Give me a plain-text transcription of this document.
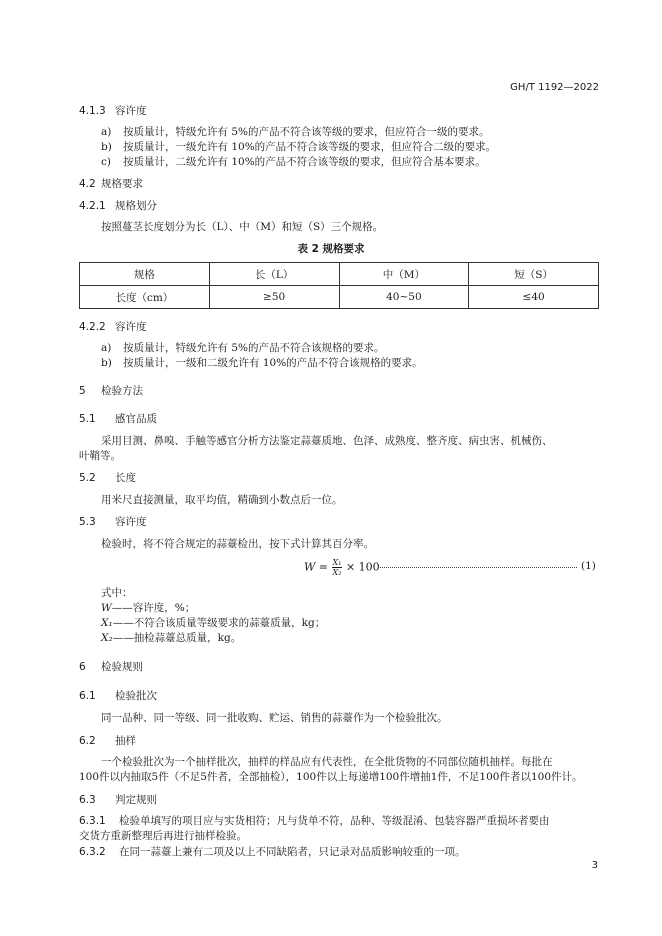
GH/T 1192—2022
4.1.3 容许度
a) 按质量计，特级允许有 5%的产品不符合该等级的要求，但应符合一级的要求。
b) 按质量计，一级允许有 10%的产品不符合该等级的要求，但应符合二级的要求。
c) 按质量计，二级允许有 10%的产品不符合该等级的要求，但应符合基本要求。
4.2 规格要求
4.2.1 规格划分
按照蔓茎长度划分为长（L）、中（M）和短（S）三个规格。
表 2 规格要求
规格	长（L）	中（M）	短（S）
长度（cm）	≥50	40~50	≤40
4.2.2 容许度
a) 按质量计，特级允许有 5%的产品不符合该规格的要求。
b) 按质量计，一级和二级允许有 10%的产品不符合该规格的要求。
5 检验方法
5.1 感官品质
采用目测、鼻嗅、手触等感官分析方法鉴定蒜薹质地、色泽、成熟度、整齐度、病虫害、机械伤、
叶鞘等。
5.2 长度
用米尺直接测量，取平均值，精确到小数点后一位。
5.3 容许度
检验时，将不符合规定的蒜薹检出，按下式计算其百分率。
$W = \frac{\text{X₁}}{\text{X₂}} \times 100$	(1)
式中：
W——容许度，%；
X₁——不符合该质量等级要求的蒜薹质量，kg；
X₂——抽检蒜薹总质量，kg。
6 检验规则
6.1 检验批次
同一品种、同一等级、同一批收购、贮运、销售的蒜薹作为一个检验批次。
6.2 抽样
一个检验批次为一个抽样批次，抽样的样品应有代表性，在全批货物的不同部位随机抽样。每批在
100件以内抽取5件（不足5件者，全部抽检），100件以上每递增100件增抽1件，不足100件者以100件计。
6.3 判定规则
6.3.1 检验单填写的项目应与实货相符；凡与货单不符，品种、等级混淆、包装容器严重损坏者要由
交货方重新整理后再进行抽样检验。
6.3.2 在同一蒜薹上兼有二项及以上不同缺陷者，只记录对品质影响较重的一项。
3
